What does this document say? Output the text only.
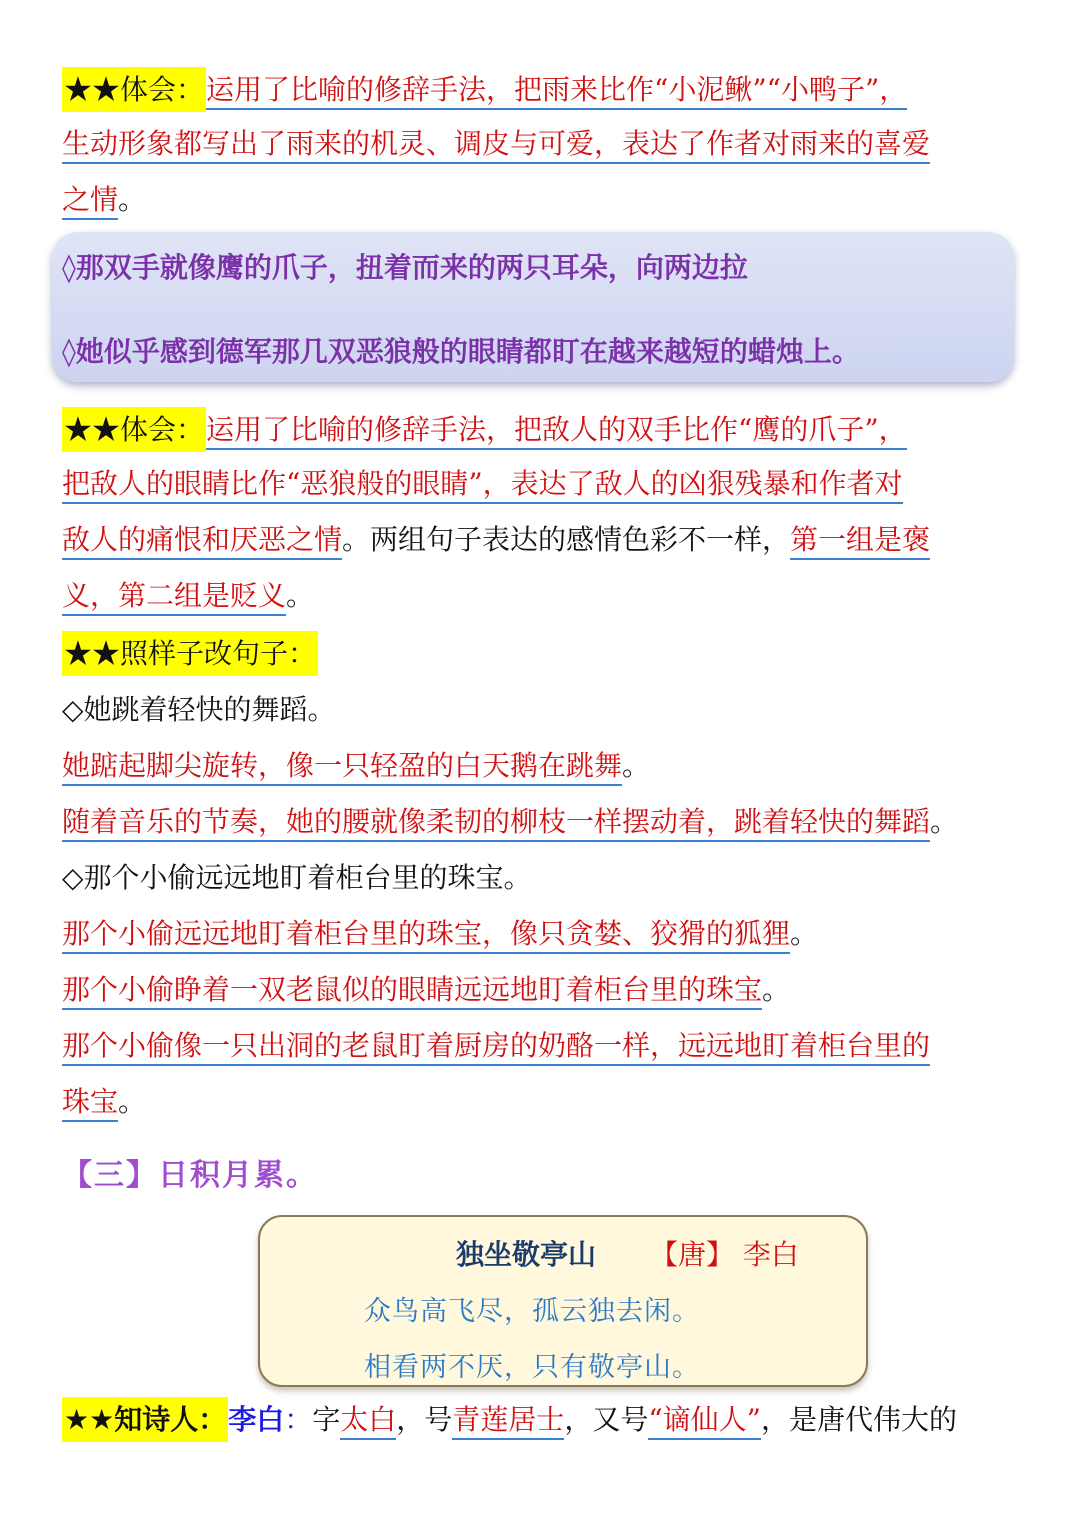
★★体会：运用了比喻的修辞手法，把雨来比作“小泥鳅”“小鸭子”，
生动形象都写出了雨来的机灵、调皮与可爱，表达了作者对雨来的喜爱
之情。
◊那双手就像鹰的爪子，扭着而来的两只耳朵，向两边拉
◊她似乎感到德军那几双恶狼般的眼睛都盯在越来越短的蜡烛上。
★★体会：运用了比喻的修辞手法，把敌人的双手比作“鹰的爪子”，
把敌人的眼睛比作“恶狼般的眼睛”，表达了敌人的凶狠残暴和作者对
敌人的痛恨和厌恶之情。两组句子表达的感情色彩不一样，第一组是褒
义，第二组是贬义。
★★照样子改句子：
◇她跳着轻快的舞蹈。
她踮起脚尖旋转，像一只轻盈的白天鹅在跳舞。
随着音乐的节奏，她的腰就像柔韧的柳枝一样摆动着，跳着轻快的舞蹈。
◇那个小偷远远地盯着柜台里的珠宝。
那个小偷远远地盯着柜台里的珠宝，像只贪婪、狡猾的狐狸。
那个小偷睁着一双老鼠似的眼睛远远地盯着柜台里的珠宝。
那个小偷像一只出洞的老鼠盯着厨房的奶酪一样，远远地盯着柜台里的
珠宝。
【三】日积月累。
独坐敬亭山 【唐】 李白
众鸟高飞尽，孤云独去闲。
相看两不厌，只有敬亭山。
★★知诗人：李白：字太白，号青莲居士，又号“谪仙人”，是唐代伟大的
